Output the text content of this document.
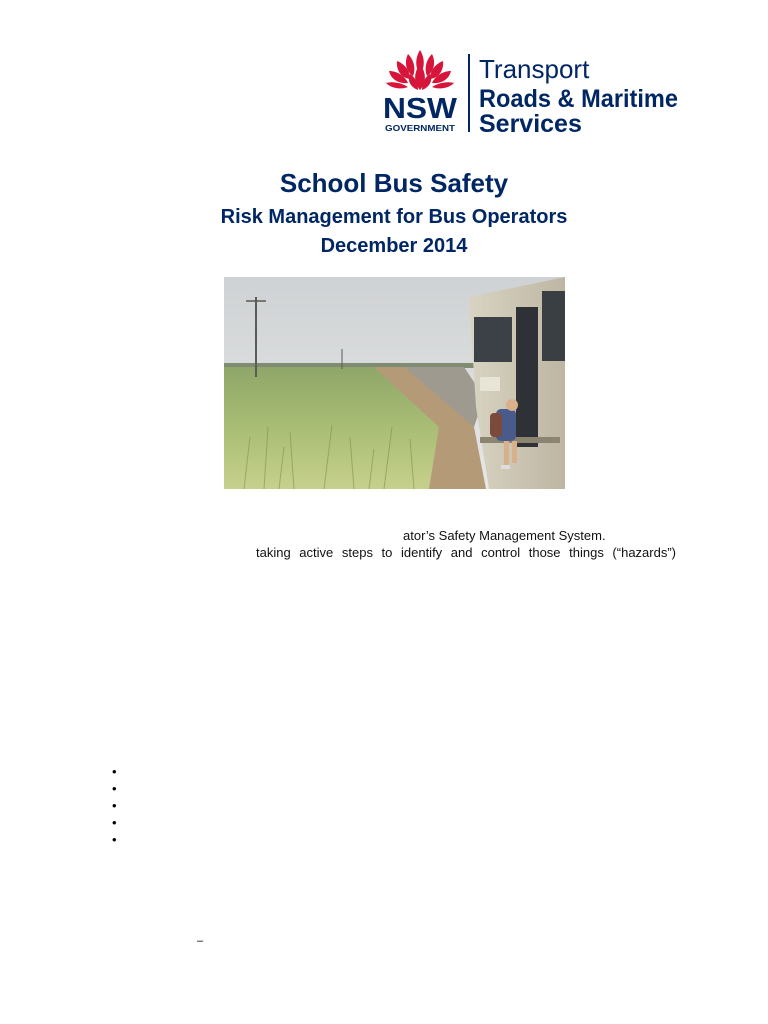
NSW
GOVERNMENT
Transport
Roads & Maritime
Services
School Bus Safety
Risk Management for Bus Operators
December 2014
ator’s Safety Management System.
taking active steps to identify and control those things (“hazards”)
•
•
•
•
•
–
